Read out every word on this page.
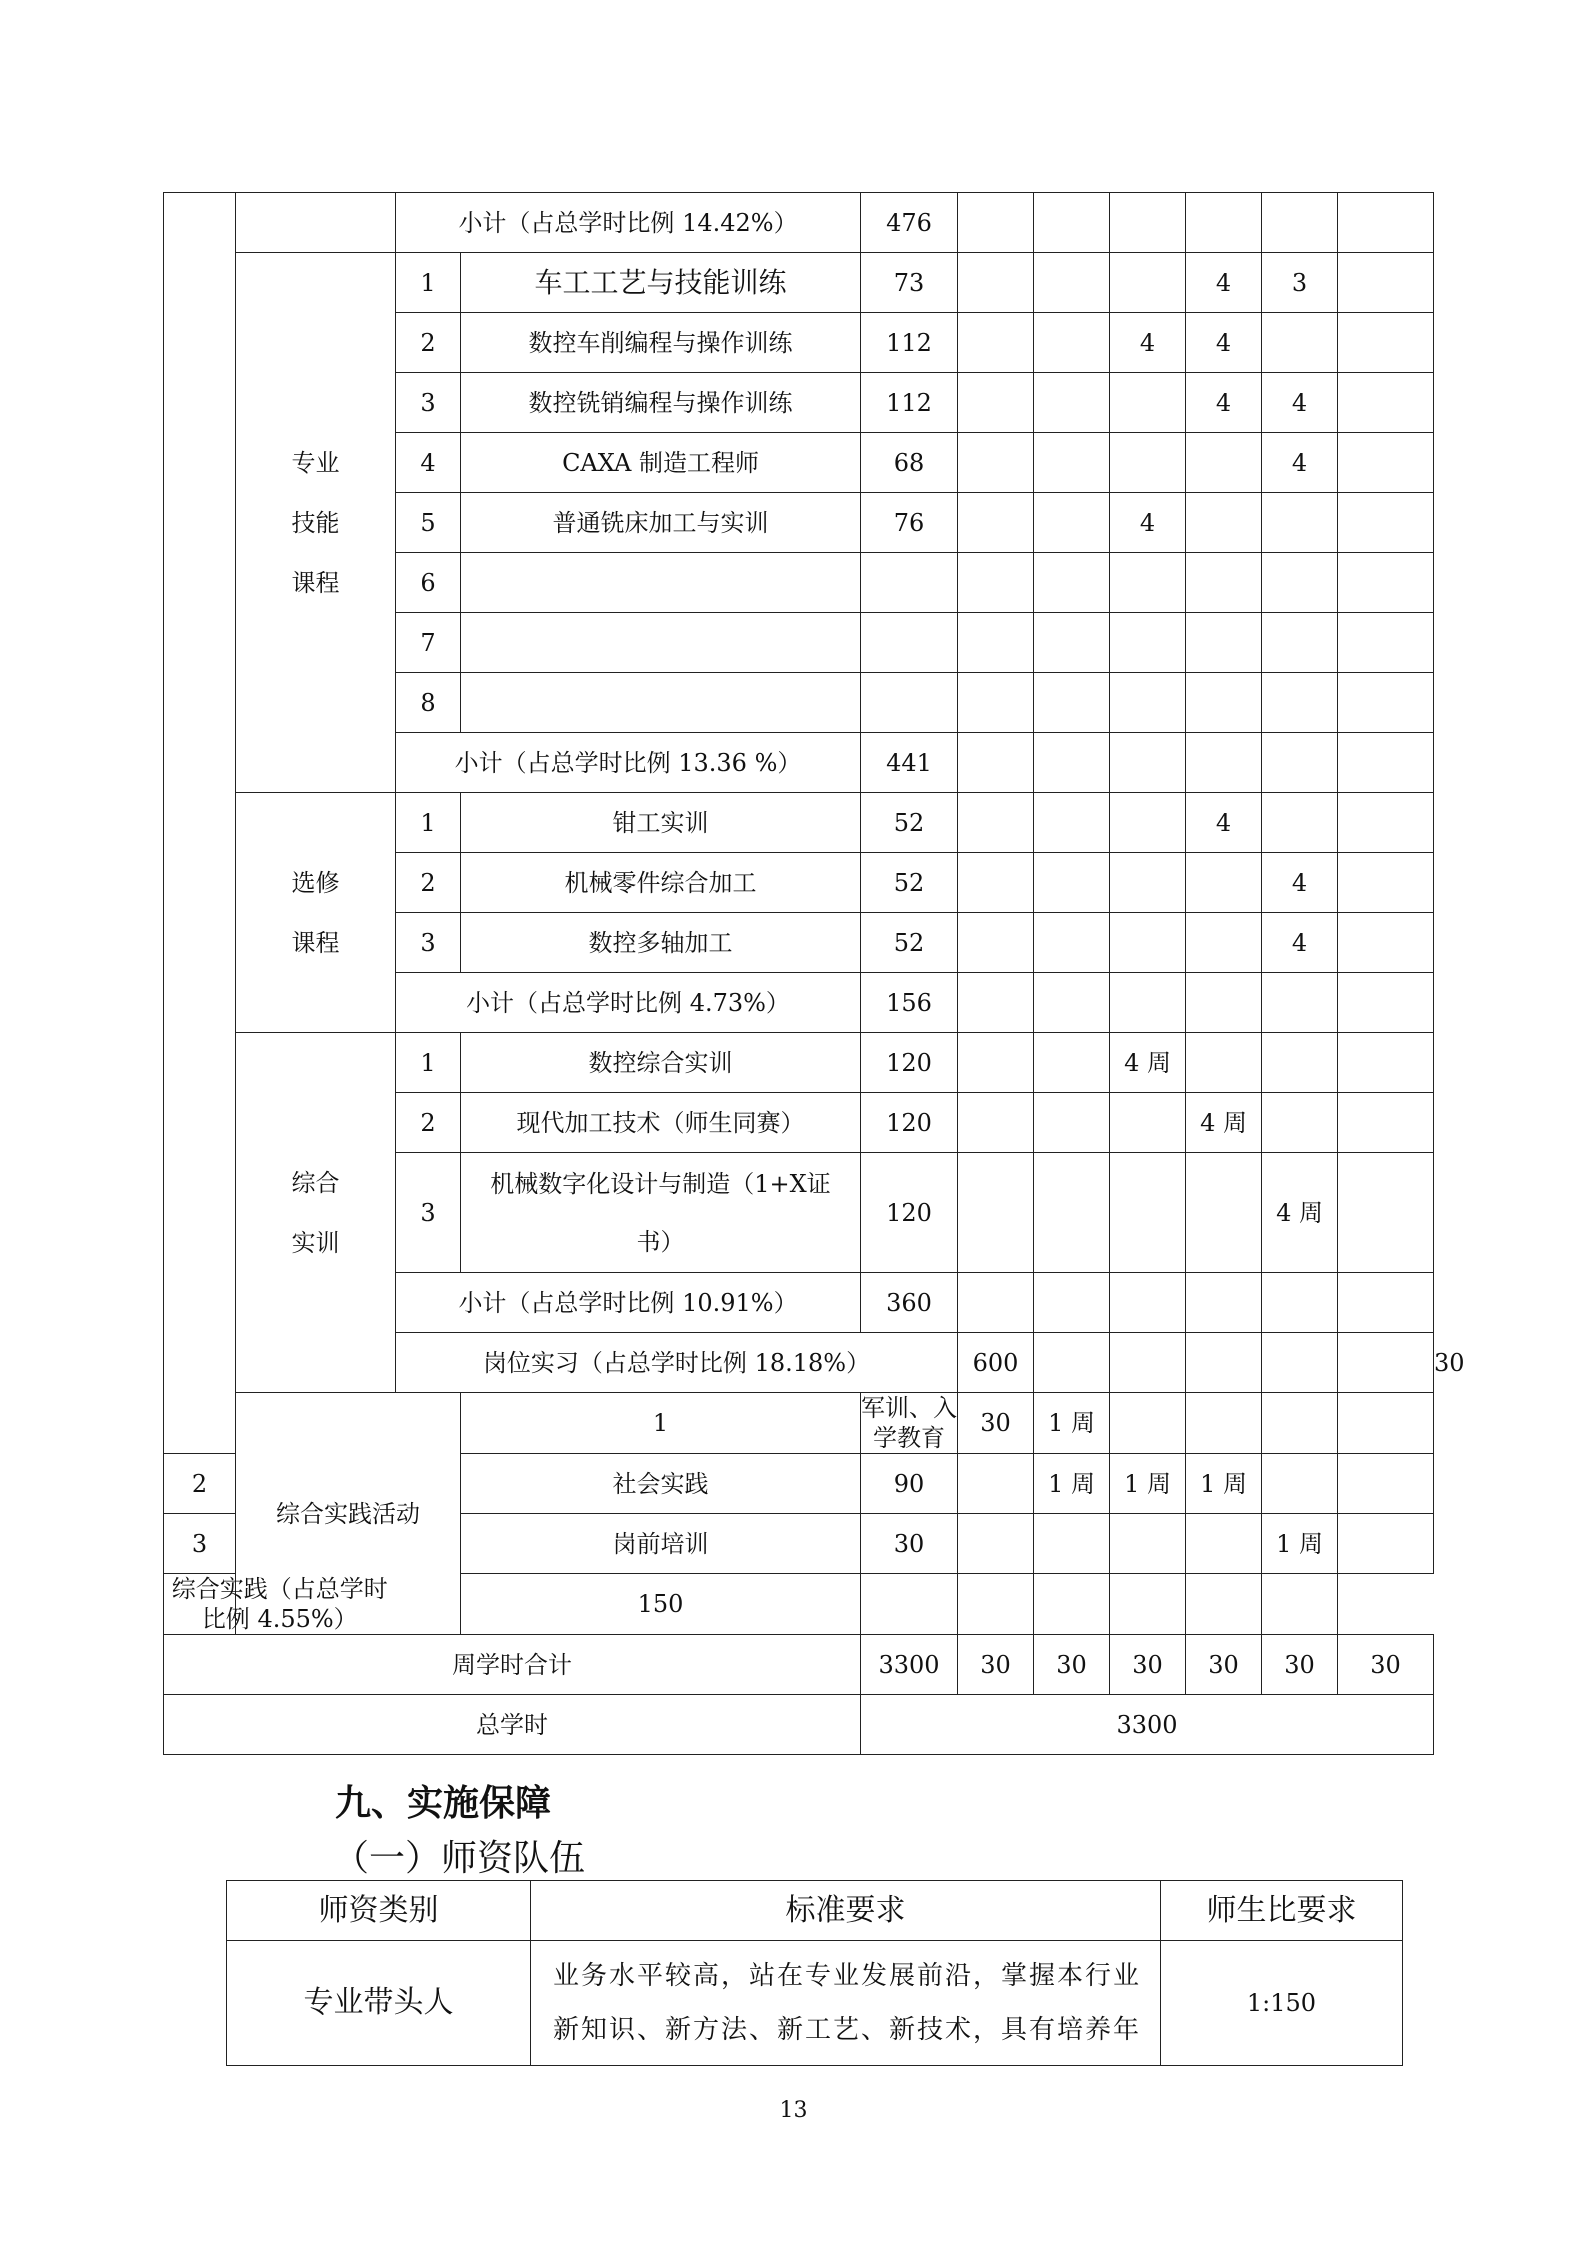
		小计（占总学时比例 14.42%）		476							
	专业
技能
课程	1	车工工艺与技能训练	73				4	3		
		2	数控车削编程与操作训练	112			4	4			
		3	数控铣销编程与操作训练	112				4	4		
		4	CAXA 制造工程师	68					4		
		5	普通铣床加工与实训	76			4				
		6									
		7									
		8									
		小计（占总学时比例 13.36 %）		441							
	选修
课程	1	钳工实训	52				4			
		2	机械零件综合加工	52					4		
		3	数控多轴加工	52					4		
		小计（占总学时比例 4.73%）		156							
	综合
实训	1	数控综合实训	120			4 周				
		2	现代加工技术（师生同赛）	120				4 周			
		3	机械数字化设计与制造（1+X证书）	120					4 周		
		小计（占总学时比例 10.91%）		360							
		岗位实习（占总学时比例 18.18%）			600						30
	综合实践活动		1	军训、入学教育	30	1 周					
2			社会实践	90		1 周	1 周	1 周			
3			岗前培训	30					1 周		
综合实践（占总学时比例 4.55%）			150								
周学时合计				3300	30	30	30	30	30	30	
总学时				3300							
九、实施保障
（一）师资队伍
师资类别	标准要求	师生比要求
专业带头人	业务水平较高，站在专业发展前沿，掌握本行业新知识、新方法、新工艺、新技术，具有培养年	1:150
13
